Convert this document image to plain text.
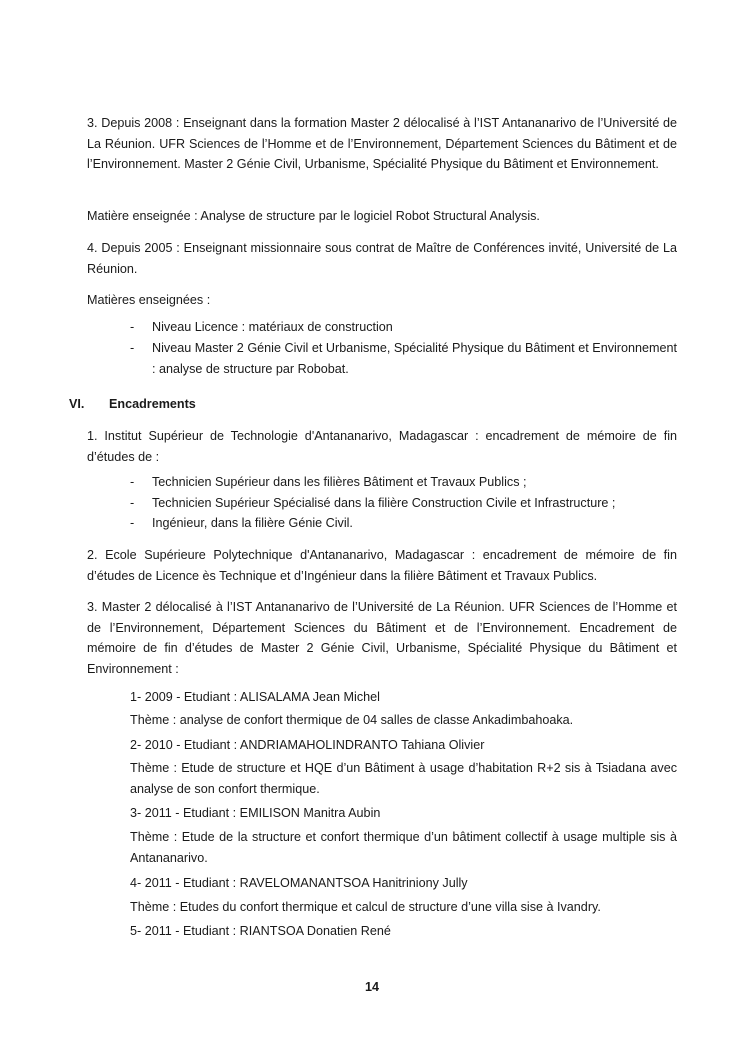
3. Depuis 2008 : Enseignant dans la formation Master 2 délocalisé à l’IST Antananarivo de l’Université de La Réunion. UFR Sciences de l’Homme et de l’Environnement, Département Sciences du Bâtiment et de l’Environnement. Master 2 Génie Civil, Urbanisme, Spécialité Physique du Bâtiment et Environnement.

Matière enseignée : Analyse de structure par le logiciel Robot Structural Analysis.

4. Depuis 2005 : Enseignant missionnaire sous contrat de Maître de Conférences invité, Université de La Réunion.

Matières enseignées :

- Niveau Licence : matériaux de construction

- Niveau Master 2 Génie Civil et Urbanisme, Spécialité Physique du Bâtiment et Environnement : analyse de structure par Robobat.

VI. Encadrements

1. Institut Supérieur de Technologie d'Antananarivo, Madagascar : encadrement de mémoire de fin d’études de :

- Technicien Supérieur dans les filières Bâtiment et Travaux Publics ;

- Technicien Supérieur Spécialisé dans la filière Construction Civile et Infrastructure ;

- Ingénieur, dans la filière Génie Civil.

2. Ecole Supérieure Polytechnique d'Antananarivo, Madagascar : encadrement de mémoire de fin d’études de Licence ès Technique et d’Ingénieur dans la filière Bâtiment et Travaux Publics.

3. Master 2 délocalisé à l’IST Antananarivo de l’Université de La Réunion. UFR Sciences de l’Homme et de l’Environnement, Département Sciences du Bâtiment et de l’Environnement. Encadrement de mémoire de fin d’études de Master 2 Génie Civil, Urbanisme, Spécialité Physique du Bâtiment et Environnement :

1- 2009 - Etudiant : ALISALAMA Jean Michel

Thème : analyse de confort thermique de 04 salles de classe Ankadimbahoaka.

2- 2010 - Etudiant : ANDRIAMAHOLINDRANTO Tahiana Olivier

Thème : Etude de structure et HQE d’un Bâtiment à usage d’habitation R+2 sis à Tsiadana avec analyse de son confort thermique.

3- 2011 - Etudiant : EMILISON Manitra Aubin

Thème : Etude de la structure et confort thermique d’un bâtiment collectif à usage multiple sis à Antananarivo.

4- 2011 - Etudiant : RAVELOMANANTSOA Hanitriniony Jully

Thème : Etudes du confort thermique et calcul de structure d’une villa sise à Ivandry.

5- 2011 - Etudiant : RIANTSOA Donatien René

14
